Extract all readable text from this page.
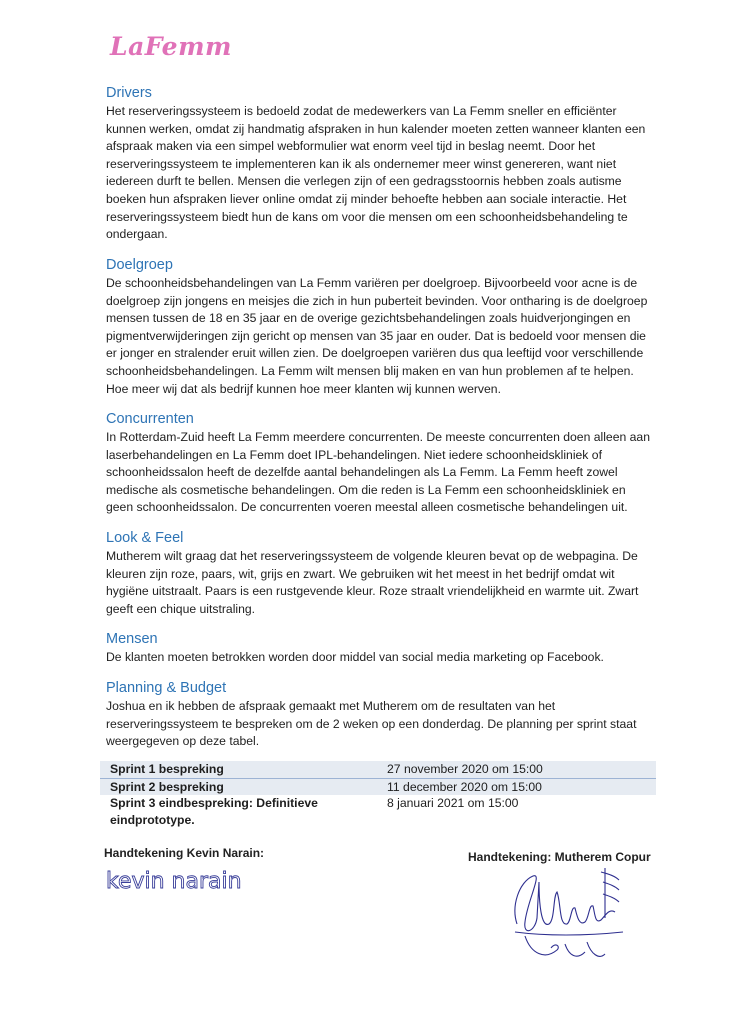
LaFemm
Drivers

Het reserveringssysteem is bedoeld zodat de medewerkers van La Femm sneller en efficiënter kunnen werken, omdat zij handmatig afspraken in hun kalender moeten zetten wanneer klanten een afspraak maken via een simpel webformulier wat enorm veel tijd in beslag neemt. Door het reserveringssysteem te implementeren kan ik als ondernemer meer winst genereren, want niet iedereen durft te bellen. Mensen die verlegen zijn of een gedragsstoornis hebben zoals autisme boeken hun afspraken liever online omdat zij minder behoefte hebben aan sociale interactie. Het reserveringssysteem biedt hun de kans om voor die mensen om een schoonheidsbehandeling te ondergaan.

Doelgroep

De schoonheidsbehandelingen van La Femm variëren per doelgroep. Bijvoorbeeld voor acne is de doelgroep zijn jongens en meisjes die zich in hun puberteit bevinden. Voor ontharing is de doelgroep mensen tussen de 18 en 35 jaar en de overige gezichtsbehandelingen zoals huidverjongingen en pigmentverwijderingen zijn gericht op mensen van 35 jaar en ouder. Dat is bedoeld voor mensen die er jonger en stralender eruit willen zien. De doelgroepen variëren dus qua leeftijd voor verschillende schoonheidsbehandelingen. La Femm wilt mensen blij maken en van hun problemen af te helpen. Hoe meer wij dat als bedrijf kunnen hoe meer klanten wij kunnen werven.

Concurrenten

In Rotterdam-Zuid heeft La Femm meerdere concurrenten. De meeste concurrenten doen alleen aan laserbehandelingen en La Femm doet IPL-behandelingen. Niet iedere schoonheidskliniek of schoonheidssalon heeft de dezelfde aantal behandelingen als La Femm. La Femm heeft zowel medische als cosmetische behandelingen. Om die reden is La Femm een schoonheidskliniek en geen schoonheidssalon. De concurrenten voeren meestal alleen cosmetische behandelingen uit.

Look & Feel

Mutherem wilt graag dat het reserveringssysteem de volgende kleuren bevat op de webpagina. De kleuren zijn roze, paars, wit, grijs en zwart. We gebruiken wit het meest in het bedrijf omdat wit hygiëne uitstraalt. Paars is een rustgevende kleur. Roze straalt vriendelijkheid en warmte uit. Zwart geeft een chique uitstraling.

Mensen

De klanten moeten betrokken worden door middel van social media marketing op Facebook.

Planning & Budget

Joshua en ik hebben de afspraak gemaakt met Mutherem om de resultaten van het reserveringssysteem te bespreken om de 2 weken op een donderdag. De planning per sprint staat weergegeven op deze tabel.

Sprint 1 bespreking	27 november 2020 om 15:00
Sprint 2 bespreking	11 december 2020 om 15:00
Sprint 3 eindbespreking: Definitieve eindprototype.
8 januari 2021 om 15:00
Handtekening Kevin Narain:
kevin narain
Handtekening: Mutherem Copur
